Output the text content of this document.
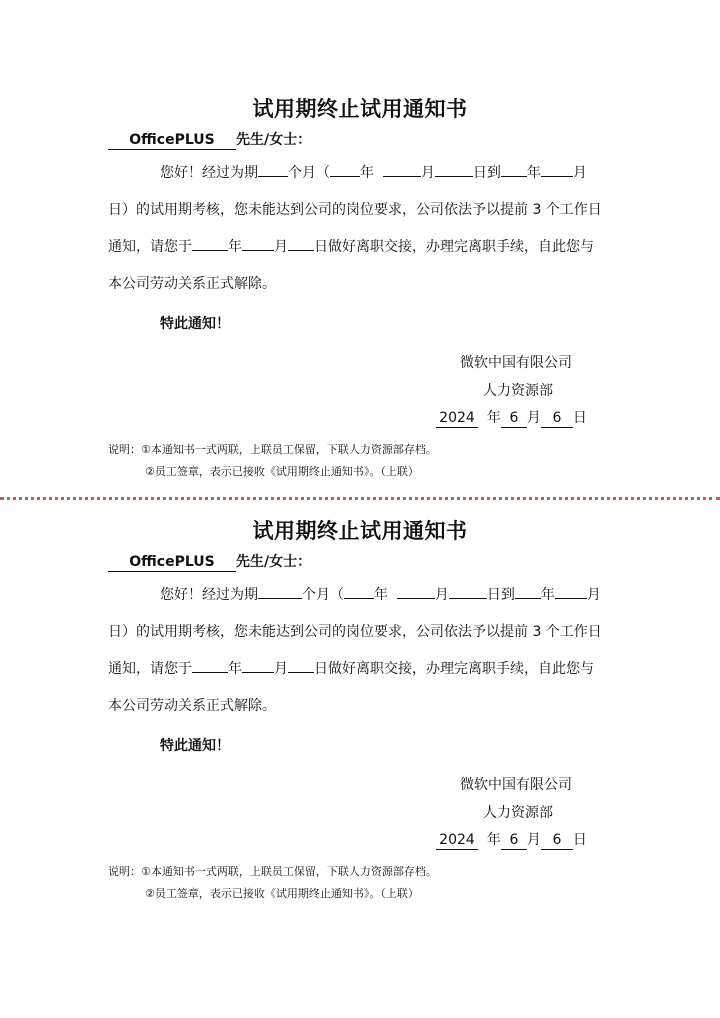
试用期终止试用通知书
OfficePLUS 先生/女士：
您好！经过为期 个月（ 年	月	日到 年 月
日）的试用期考核，您未能达到公司的岗位要求，公司依法予以提前 3 个工作日
通知，请您于	年 月 日做好离职交接，办理完离职手续，自此您与
本公司劳动关系正式解除。
特此通知！
微软中国有限公司
人力资源部
2024 年 6 月 6 日
说明：①本通知书一式两联，上联员工保留，下联人力资源部存档。
②员工签章，表示已接收《试用期终止通知书》。（上联）
试用期终止试用通知书
OfficePLUS 先生/女士：
您好！经过为期	个月（ 年	月	日到 年 月
日）的试用期考核，您未能达到公司的岗位要求，公司依法予以提前 3 个工作日
通知，请您于	年 月 日做好离职交接，办理完离职手续，自此您与
本公司劳动关系正式解除。
特此通知！
微软中国有限公司
人力资源部
2024 年 6 月 6 日
说明：①本通知书一式两联，上联员工保留，下联人力资源部存档。
②员工签章，表示已接收《试用期终止通知书》。（上联）
